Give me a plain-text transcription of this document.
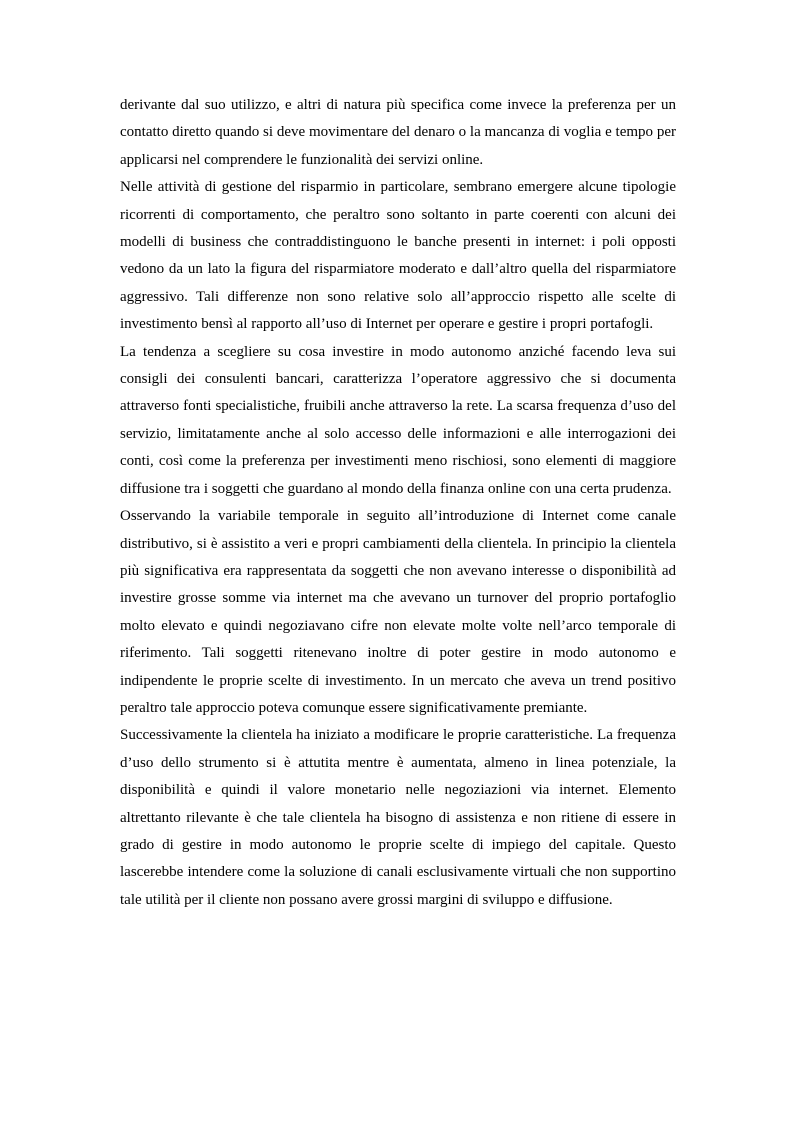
derivante dal suo utilizzo, e altri di natura più specifica come invece la preferenza per un contatto diretto quando si deve movimentare del denaro o la mancanza di voglia e tempo per applicarsi nel comprendere le funzionalità dei servizi online.

Nelle attività di gestione del risparmio in particolare, sembrano emergere alcune tipologie ricorrenti di comportamento, che peraltro sono soltanto in parte coerenti con alcuni dei modelli di business che contraddistinguono le banche presenti in internet: i poli opposti vedono da un lato la figura del risparmiatore moderato e dall’altro quella del risparmiatore aggressivo. Tali differenze non sono relative solo all’approccio rispetto alle scelte di investimento bensì al rapporto all’uso di Internet per operare e gestire i propri portafogli.

La tendenza a scegliere su cosa investire in modo autonomo anziché facendo leva sui consigli dei consulenti bancari, caratterizza l’operatore aggressivo che si documenta attraverso fonti specialistiche, fruibili anche attraverso la rete. La scarsa frequenza d’uso del servizio, limitatamente anche al solo accesso delle informazioni e alle interrogazioni dei conti, così come la preferenza per investimenti meno rischiosi, sono elementi di maggiore diffusione tra i soggetti che guardano al mondo della finanza online con una certa prudenza.

Osservando la variabile temporale in seguito all’introduzione di Internet come canale distributivo, si è assistito a veri e propri cambiamenti della clientela. In principio la clientela più significativa era rappresentata da soggetti che non avevano interesse o disponibilità ad investire grosse somme via internet ma che avevano un turnover del proprio portafoglio molto elevato e quindi negoziavano cifre non elevate molte volte nell’arco temporale di riferimento. Tali soggetti ritenevano inoltre di poter gestire in modo autonomo e indipendente le proprie scelte di investimento. In un mercato che aveva un trend positivo peraltro tale approccio poteva comunque essere significativamente premiante.

Successivamente la clientela ha iniziato a modificare le proprie caratteristiche. La frequenza d’uso dello strumento si è attutita mentre è aumentata, almeno in linea potenziale, la disponibilità e quindi il valore monetario nelle negoziazioni via internet. Elemento altrettanto rilevante è che tale clientela ha bisogno di assistenza e non ritiene di essere in grado di gestire in modo autonomo le proprie scelte di impiego del capitale. Questo lascerebbe intendere come la soluzione di canali esclusivamente virtuali che non supportino tale utilità per il cliente non possano avere grossi margini di sviluppo e diffusione.
